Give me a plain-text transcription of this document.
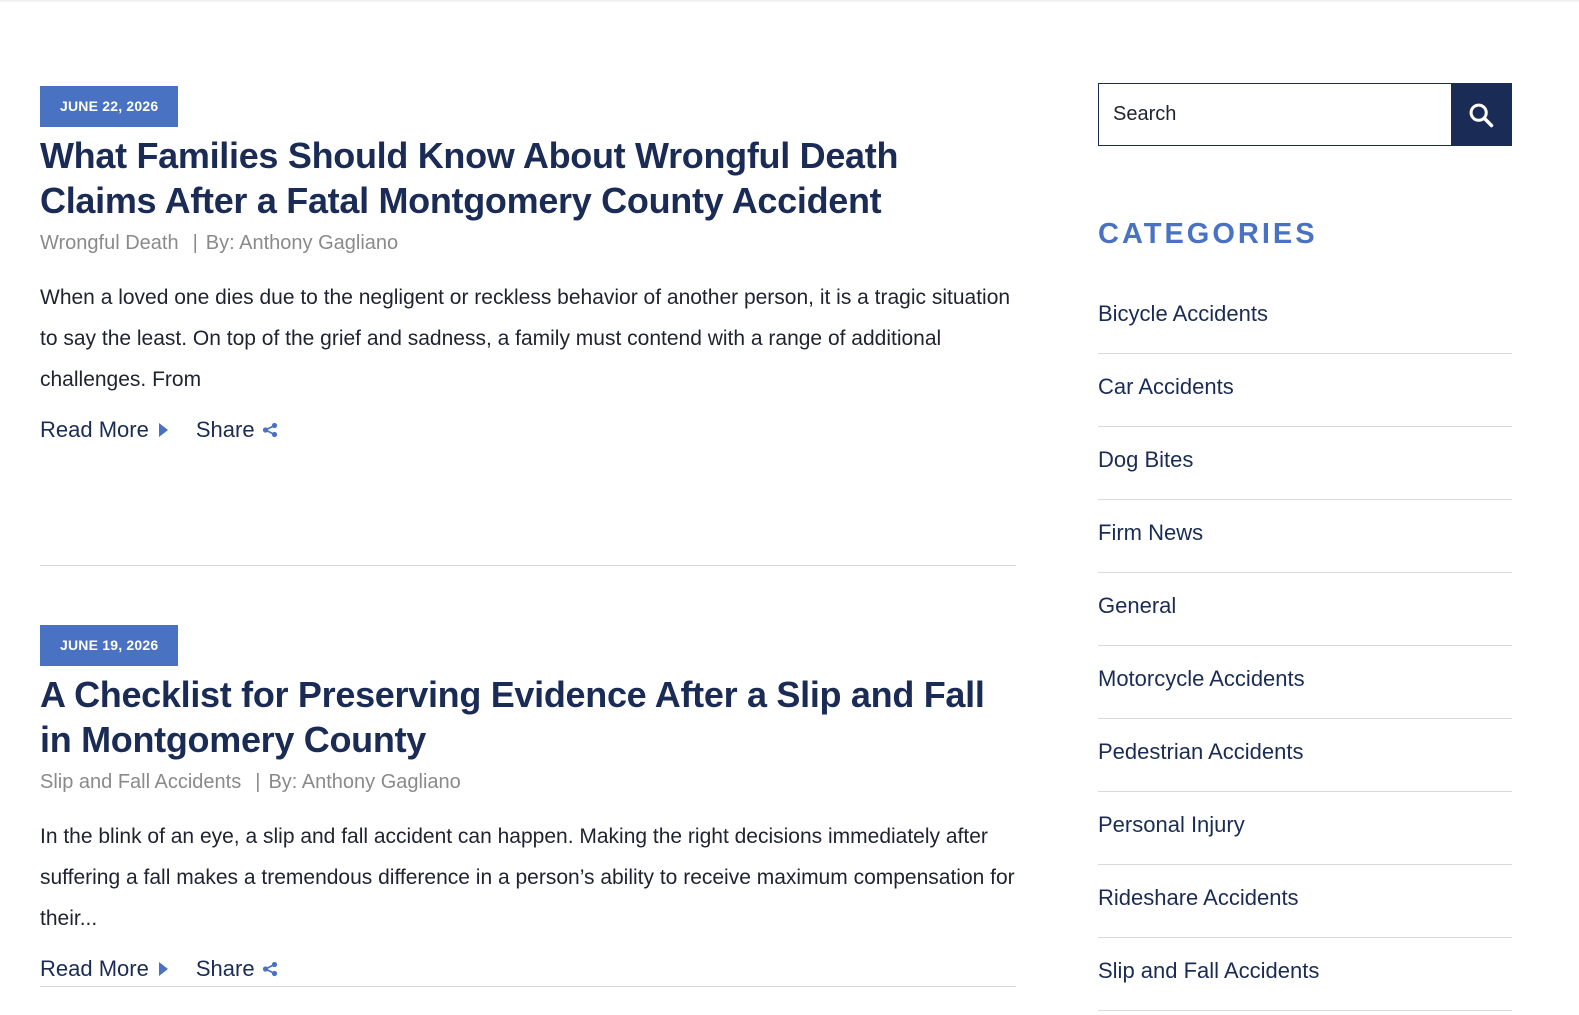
JUNE 22, 2026
What Families Should Know About Wrongful Death Claims After a Fatal Montgomery County Accident
Wrongful Death | By: Anthony Gagliano
When a loved one dies due to the negligent or reckless behavior of another person, it is a tragic situation to say the least. On top of the grief and sadness, a family must contend with a range of additional challenges. From
Read More Share
JUNE 19, 2026
A Checklist for Preserving Evidence After a Slip and Fall in Montgomery County
Slip and Fall Accidents | By: Anthony Gagliano
In the blink of an eye, a slip and fall accident can happen. Making the right decisions immediately after suffering a fall makes a tremendous difference in a person’s ability to receive maximum compensation for their...
Read More Share
Search
CATEGORIES
Bicycle Accidents
Car Accidents
Dog Bites
Firm News
General
Motorcycle Accidents
Pedestrian Accidents
Personal Injury
Rideshare Accidents
Slip and Fall Accidents
